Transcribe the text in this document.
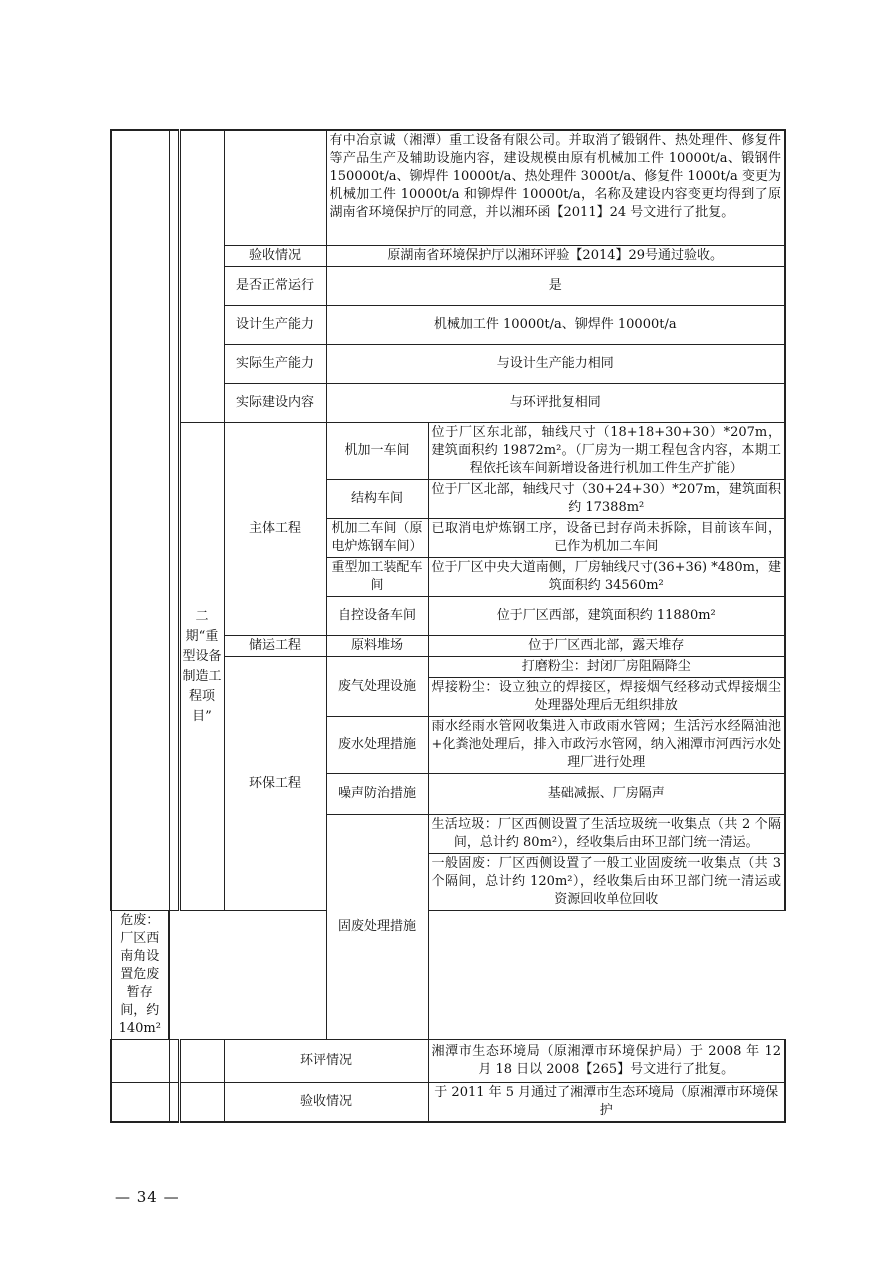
				有中冶京诚（湘潭）重工设备有限公司。并取消了锻钢件、热处理件、修复件等产品生产及辅助设施内容，建设规模由原有机械加工件 10000t/a、锻钢件 150000t/a、铆焊件 10000t/a、热处理件 3000t/a、修复件 1000t/a 变更为机械加工件 10000t/a 和铆焊件 10000t/a，名称及建设内容变更均得到了原湖南省环境保护厅的同意，并以湘环函【2011】24 号文进行了批复。	
			验收情况	原湖南省环境保护厅以湘环评验【2014】29号通过验收。	
			是否正常运行	是	
			设计生产能力	机械加工件 10000t/a、铆焊件 10000t/a	
			实际生产能力	与设计生产能力相同	
			实际建设内容	与环评批复相同	
		二期“重型设备制造工程项目”	主体工程	机加一车间	位于厂区东北部，轴线尺寸（18+18+30+30）*207m，建筑面积约 19872m²。（厂房为一期工程包含内容，本期工程依托该车间新增设备进行机加工件生产扩能）
				结构车间	位于厂区北部，轴线尺寸（30+24+30）*207m，建筑面积约 17388m²
				机加二车间（原电炉炼钢车间）	已取消电炉炼钢工序，设备已封存尚未拆除，目前该车间，已作为机加二车间
				重型加工装配车间	位于厂区中央大道南侧，厂房轴线尺寸(36+36) *480m，建筑面积约 34560m²
				自控设备车间	位于厂区西部，建筑面积约 11880m²
			储运工程	原料堆场	位于厂区西北部，露天堆存
			环保工程	废气处理设施	打磨粉尘：封闭厂房阻隔降尘
					焊接粉尘：设立独立的焊接区，焊接烟气经移动式焊接烟尘处理器处理后无组织排放
				废水处理措施	雨水经雨水管网收集进入市政雨水管网；生活污水经隔油池+化粪池处理后，排入市政污水管网，纳入湘潭市河西污水处理厂进行处理
				噪声防治措施	基础减振、厂房隔声
				固废处理措施	生活垃圾：厂区西侧设置了生活垃圾统一收集点（共 2 个隔间，总计约 80m²），经收集后由环卫部门统一清运。
					一般固废：厂区西侧设置了一般工业固废统一收集点（共 3 个隔间，总计约 120m²），经收集后由环卫部门统一清运或资源回收单位回收
危废：厂区西南角设置危废暂存间，约 140m²					
			环评情况		湘潭市生态环境局（原湘潭市环境保护局）于 2008 年 12 月 18 日以 2008【265】号文进行了批复。
			验收情况		于 2011 年 5 月通过了湘潭市生态环境局（原湘潭市环境保护
— 34 —
